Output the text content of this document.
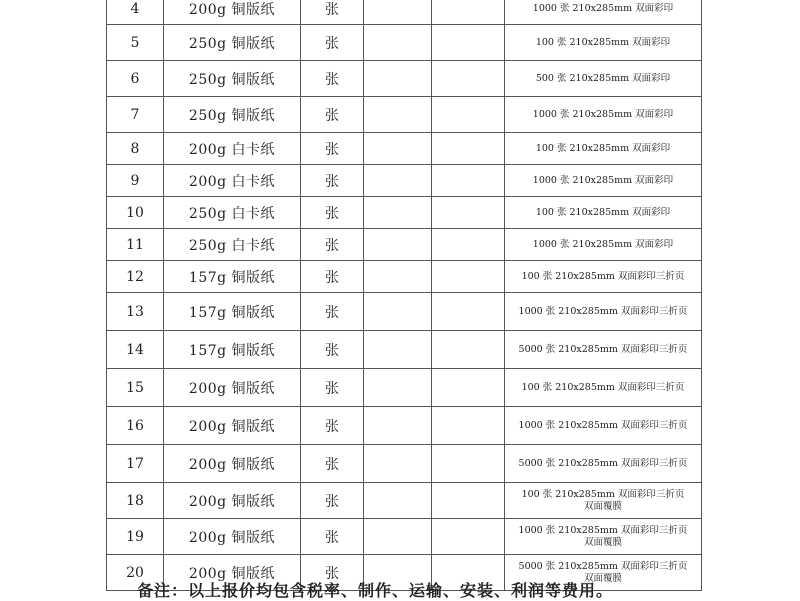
4	200g 铜版纸	张			1000 张 210x285mm 双面彩印

5	250g 铜版纸	张			100 张 210x285mm 双面彩印

6	250g 铜版纸	张			500 张 210x285mm 双面彩印

7	250g 铜版纸	张			1000 张 210x285mm 双面彩印

8	200g 白卡纸	张			100 张 210x285mm 双面彩印

9	200g 白卡纸	张			1000 张 210x285mm 双面彩印

10	250g 白卡纸	张			100 张 210x285mm 双面彩印

11	250g 白卡纸	张			1000 张 210x285mm 双面彩印

12	157g 铜版纸	张			100 张 210x285mm 双面彩印三折页

13	157g 铜版纸	张			1000 张 210x285mm 双面彩印三折页

14	157g 铜版纸	张			5000 张 210x285mm 双面彩印三折页

15	200g 铜版纸	张			100 张 210x285mm 双面彩印三折页

16	200g 铜版纸	张			1000 张 210x285mm 双面彩印三折页

17	200g 铜版纸	张			5000 张 210x285mm 双面彩印三折页

18	200g 铜版纸	张			100 张 210x285mm 双面彩印三折页
双面覆膜

19	200g 铜版纸	张			1000 张 210x285mm 双面彩印三折页
双面覆膜

20	200g 铜版纸	张			5000 张 210x285mm 双面彩印三折页
双面覆膜
备注：以上报价均包含税率、制作、运输、安装、利润等费用。
